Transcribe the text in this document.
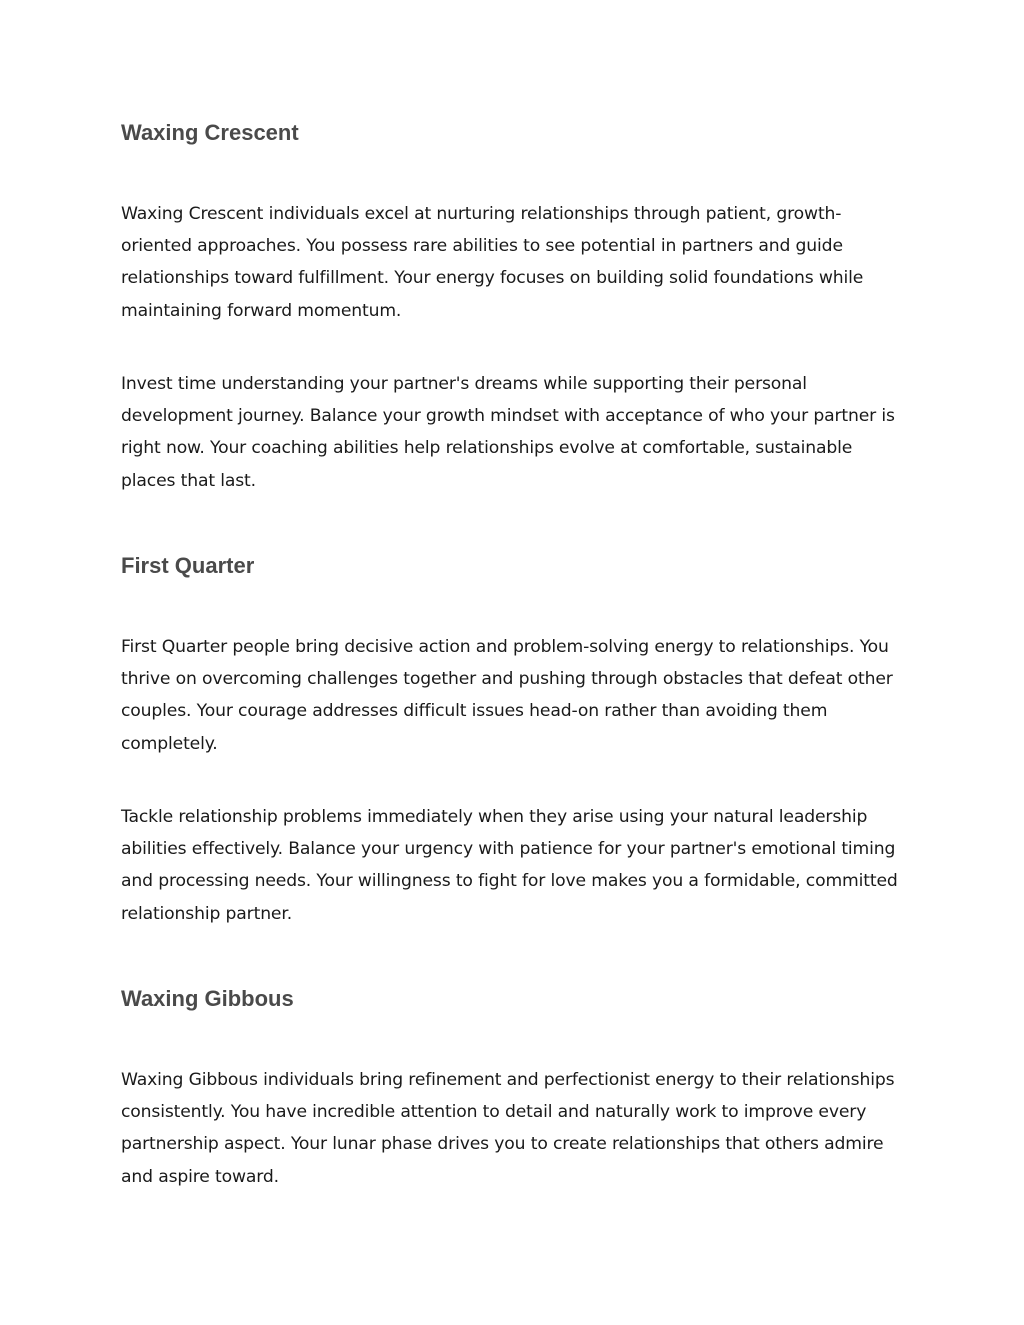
Waxing Crescent

Waxing Crescent individuals excel at nurturing relationships through patient, growth-oriented approaches. You possess rare abilities to see potential in partners and guide relationships toward fulfillment. Your energy focuses on building solid foundations while maintaining forward momentum.

Invest time understanding your partner's dreams while supporting their personal development journey. Balance your growth mindset with acceptance of who your partner is right now. Your coaching abilities help relationships evolve at comfortable, sustainable places that last.

First Quarter

First Quarter people bring decisive action and problem-solving energy to relationships. You thrive on overcoming challenges together and pushing through obstacles that defeat other couples. Your courage addresses difficult issues head-on rather than avoiding them completely.

Tackle relationship problems immediately when they arise using your natural leadership abilities effectively. Balance your urgency with patience for your partner's emotional timing and processing needs. Your willingness to fight for love makes you a formidable, committed relationship partner.

Waxing Gibbous

Waxing Gibbous individuals bring refinement and perfectionist energy to their relationships consistently. You have incredible attention to detail and naturally work to improve every partnership aspect. Your lunar phase drives you to create relationships that others admire and aspire toward.
